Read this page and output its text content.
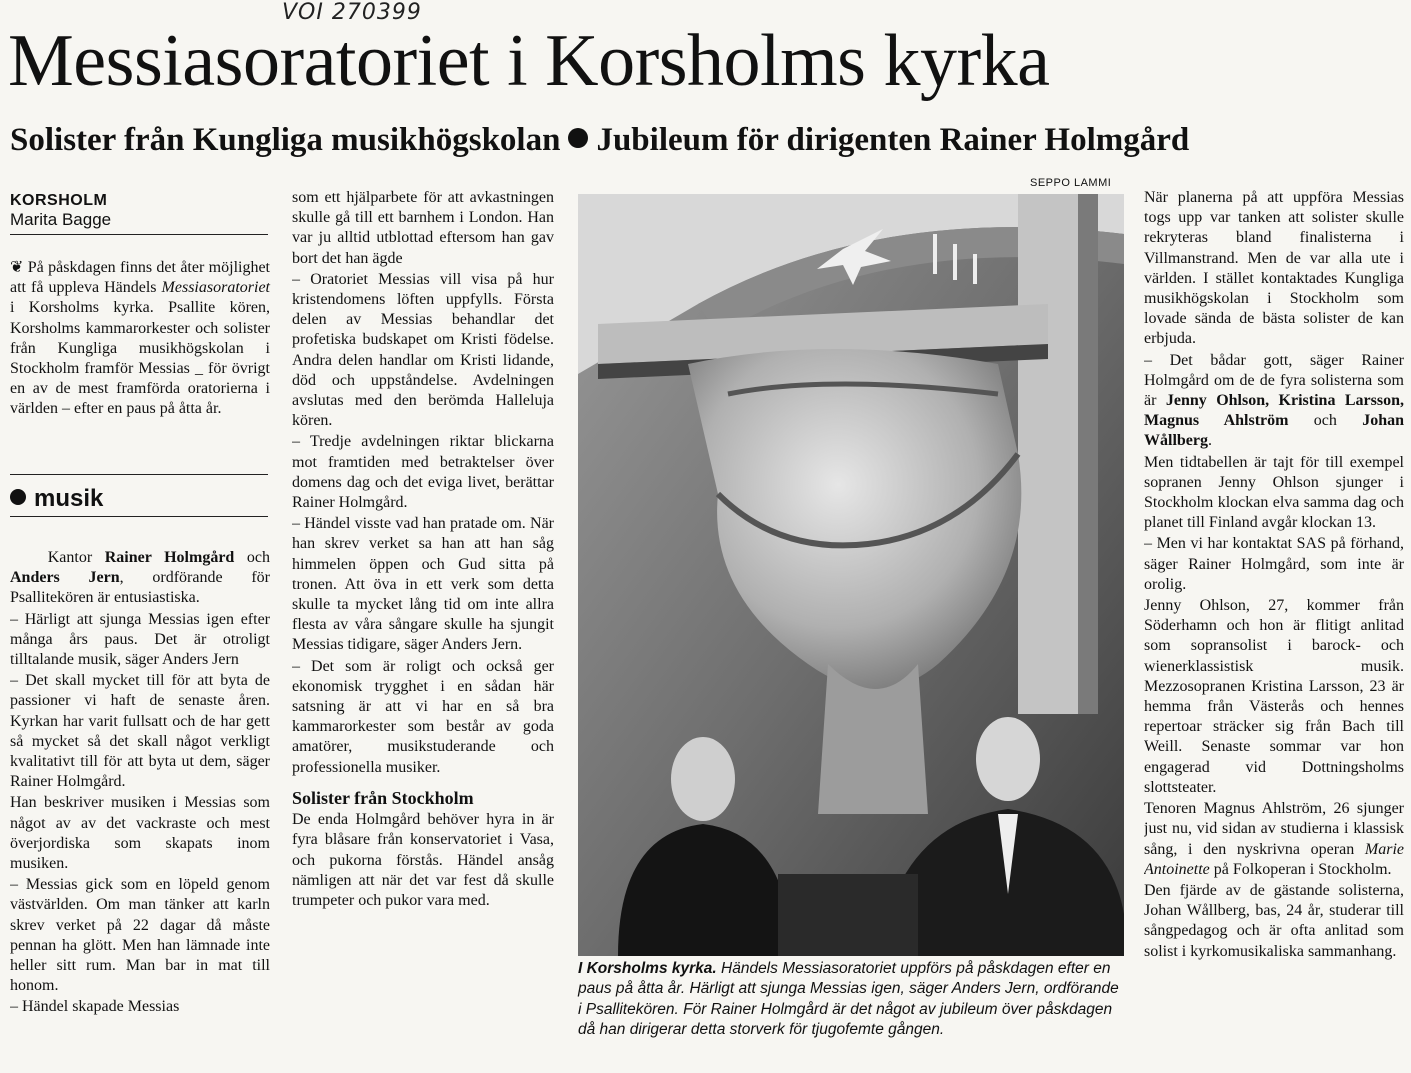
VOI 270399
Messiasoratoriet i Korsholms kyrka
Solister från Kungliga musikhögskolan Jubileum för dirigenten Rainer Holmgård
KORSHOLM
Marita Bagge

❦ På påskdagen finns det åter möjlighet att få uppleva Händels Messiasoratoriet i Korsholms kyrka. Psallite kören, Korsholms kammarorkester och solister från Kungliga musikhögskolan i Stockholm framför Messias _ för övrigt en av de mest framförda oratorierna i världen – efter en paus på åtta år.

musik

Kantor Rainer Holmgård och Anders Jern, ordförande för Psallitekören är entusiastiska.

– Härligt att sjunga Messias igen efter många års paus. Det är otroligt tilltalande musik, säger Anders Jern

– Det skall mycket till för att byta de passioner vi haft de senaste åren. Kyrkan har varit fullsatt och de har gett så mycket så det skall något verkligt kvalitativt till för att byta ut dem, säger Rainer Holmgård.

Han beskriver musiken i Messias som något av av det vackraste och mest överjordiska som skapats inom musiken.

– Messias gick som en löpeld genom västvärlden. Om man tänker att karln skrev verket på 22 dagar då måste pennan ha glött. Men han lämnade inte heller sitt rum. Man bar in mat till honom.

– Händel skapade Messias

som ett hjälparbete för att avkastningen skulle gå till ett barnhem i London. Han var ju alltid utblottad eftersom han gav bort det han ägde

– Oratoriet Messias vill visa på hur kristendomens löften uppfylls. Första delen av Messias behandlar det profetiska budskapet om Kristi födelse. Andra delen handlar om Kristi lidande, död och uppståndelse. Avdelningen avslutas med den berömda Halleluja kören.

– Tredje avdelningen riktar blickarna mot framtiden med betraktelser över domens dag och det eviga livet, berättar Rainer Holmgård.

– Händel visste vad han pratade om. När han skrev verket sa han att han såg himmelen öppen och Gud sitta på tronen. Att öva in ett verk som detta skulle ta mycket lång tid om inte allra flesta av våra sångare skulle ha sjungit Messias tidigare, säger Anders Jern.

– Det som är roligt och också ger ekonomisk trygghet i en sådan här satsning är att vi har en så bra kammarorkester som består av goda amatörer, musikstuderande och professionella musiker.

Solister från Stockholm

De enda Holmgård behöver hyra in är fyra blåsare från konservatoriet i Vasa, och pukorna förstås. Händel ansåg nämligen att när det var fest då skulle trumpeter och pukor vara med.

SEPPO LAMMI

I Korsholms kyrka. Händels Messiasoratoriet uppförs på påskdagen efter en paus på åtta år. Härligt att sjunga Messias igen, säger Anders Jern, ordförande i Psallitekören. För Rainer Holmgård är det något av jubileum över påskdagen då han dirigerar detta storverk för tjugofemte gången.

När planerna på att uppföra Messias togs upp var tanken att solister skulle rekryteras bland finalisterna i Villmanstrand. Men de var alla ute i världen. I stället kontaktades Kungliga musikhögskolan i Stockholm som lovade sända de bästa solister de kan erbjuda.

– Det bådar gott, säger Rainer Holmgård om de de fyra solisterna som är Jenny Ohlson, Kristina Larsson, Magnus Ahlström och Johan Wållberg.

Men tidtabellen är tajt för till exempel sopranen Jenny Ohlson sjunger i Stockholm klockan elva samma dag och planet till Finland avgår klockan 13.

– Men vi har kontaktat SAS på förhand, säger Rainer Holmgård, som inte är orolig.

Jenny Ohlson, 27, kommer från Söderhamn och hon är flitigt anlitad som sopransolist i barock- och wienerklassistisk musik. Mezzosopranen Kristina Larsson, 23 är hemma från Västerås och hennes repertoar sträcker sig från Bach till Weill. Senaste sommar var hon engagerad vid Dottningsholms slottsteater.

Tenoren Magnus Ahlström, 26 sjunger just nu, vid sidan av studierna i klassisk sång, i den nyskrivna operan Marie Antoinette på Folkoperan i Stockholm.

Den fjärde av de gästande solisterna, Johan Wållberg, bas, 24 år, studerar till sångpedagog och är ofta anlitad som solist i kyrkomusikaliska sammanhang.
